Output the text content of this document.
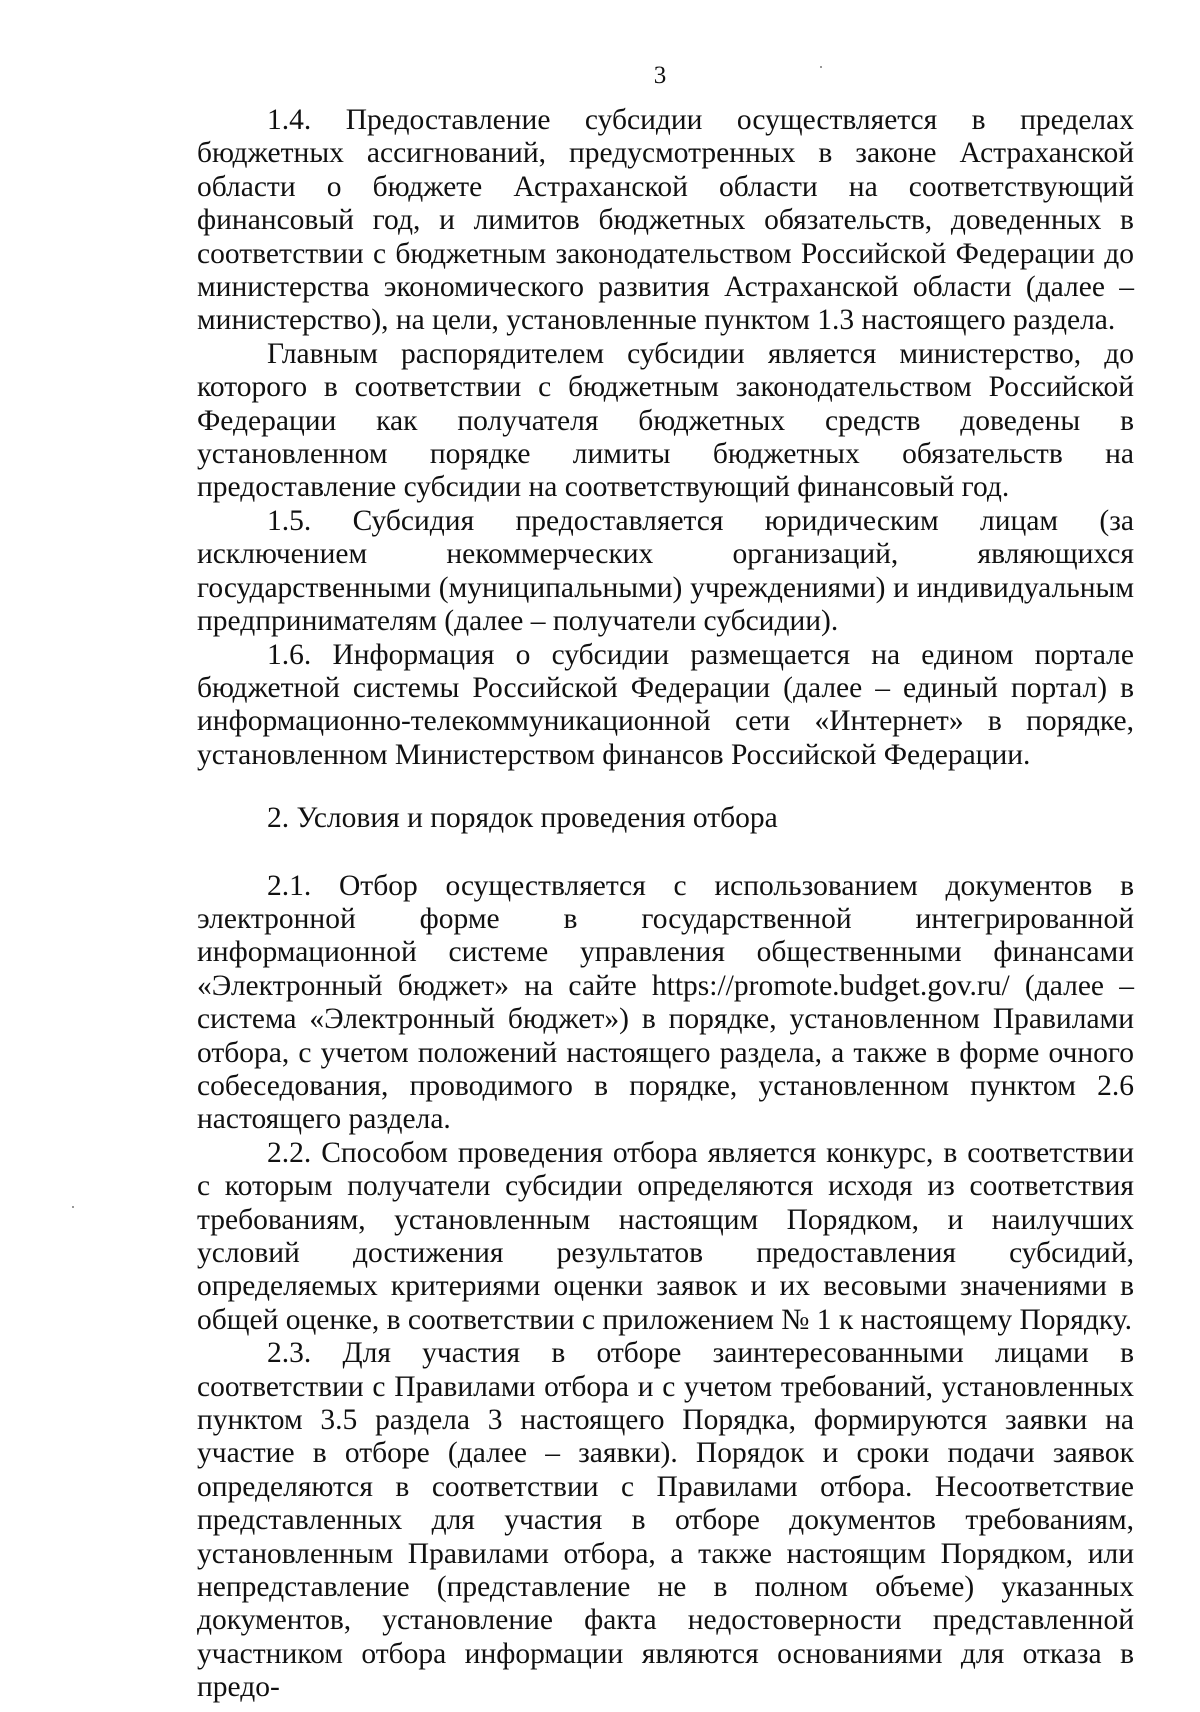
3

1.4. Предоставление субсидии осуществляется в пределах бюджетных ассигнований, предусмотренных в законе Астраханской области о бюджете Астраханской области на соответствующий финансовый год, и лимитов бюджетных обязательств, доведенных в соответствии с бюджетным законодательством Российской Федерации до министерства экономического развития Астраханской области (далее – министерство), на цели, установленные пунктом 1.3 настоящего раздела.

Главным распорядителем субсидии является министерство, до которого в соответствии с бюджетным законодательством Российской Федерации как получателя бюджетных средств доведены в установленном порядке лимиты бюджетных обязательств на предоставление субсидии на соответствующий финансовый год.

1.5. Субсидия предоставляется юридическим лицам (за исключением некоммерческих организаций, являющихся государственными (муниципальными) учреждениями) и индивидуальным предпринимателям (далее – получатели субсидии).

1.6. Информация о субсидии размещается на едином портале бюджетной системы Российской Федерации (далее – единый портал) в информационно-телекоммуникационной сети «Интернет» в порядке, установленном Министерством финансов Российской Федерации.

2. Условия и порядок проведения отбора

2.1. Отбор осуществляется с использованием документов в электронной форме в государственной интегрированной информационной системе управления общественными финансами «Электронный бюджет» на сайте https://promote.budget.gov.ru/ (далее – система «Электронный бюджет») в порядке, установленном Правилами отбора, с учетом положений настоящего раздела, а также в форме очного собеседования, проводимого в порядке, установленном пунктом 2.6 настоящего раздела.

2.2. Способом проведения отбора является конкурс, в соответствии с которым получатели субсидии определяются исходя из соответствия требованиям, установленным настоящим Порядком, и наилучших условий достижения результатов предоставления субсидий, определяемых критериями оценки заявок и их весовыми значениями в общей оценке, в соответствии с приложением № 1 к настоящему Порядку.

2.3. Для участия в отборе заинтересованными лицами в соответствии с Правилами отбора и с учетом требований, установленных пунктом 3.5 раздела 3 настоящего Порядка, формируются заявки на участие в отборе (далее – заявки). Порядок и сроки подачи заявок определяются в соответствии с Правилами отбора. Несоответствие представленных для участия в отборе документов требованиям, установленным Правилами отбора, а также настоящим Порядком, или непредставление (представление не в полном объеме) указанных документов, установление факта недостоверности представленной участником отбора информации являются основаниями для отказа в предо-
